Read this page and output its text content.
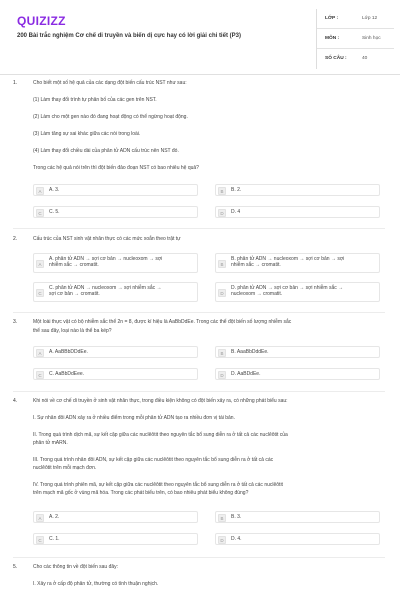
QUIZIZZ
200 Bài trắc nghiệm Cơ chế di truyền và biến dị cực hay có lời giải chi tiết (P3)
LỚP :	Lớp 12
MÔN :	Sinh học
SỐ CÂU :	40
1.	Cho biết một số hệ quả của các dạng đột biến cấu trúc NST như sau:
(1) Làm thay đổi trình tự phân bố của các gen trên NST.
(2) Làm cho một gen nào đó đang hoạt động có thể ngừng hoạt động.
(3) Làm tăng sự sai khác giữa các nòi trong loài.
(4) Làm thay đổi chiều dài của phân tử ADN cấu trúc nên NST đó.
Trong các hệ quả nói trên thì đột biến đảo đoạn NST có bao nhiêu hệ quả?
A	A. 3.	B	B. 2.
C	C. 5.	D	D. 4
2.	Cấu trúc của NST sinh vật nhân thực có các mức xoắn theo trật tự
A
A. phân tử ADN → sợi cơ bản → nucleoxom → sợi
nhiễm sắc → cromatit.	B
B. phân tử ADN → nucleoxom → sợi cơ bản → sợi
nhiễm sắc → cromatit.
C
C. phân tử ADN → nucleoxom → sợi nhiễm sắc →
sợi cơ bản → cromatit.	D
D. phân tử ADN → sợi cơ bản → sợi nhiễm sắc →
nucleoxom → cromatit.
3.	Một loài thực vật có bộ nhiễm sắc thể 2n = 8, được kí hiệu là AaBbDdEe. Trong các thể đột biến số lượng nhiễm sắc
thể sau đây, loại nào là thể ba kép?
A	A. AaBBbDDdEe.	B	B. AaaBbDddEe.
C	C. AaBbDdEee.	D	D. AaBDdEe.
4.	Khi nói về cơ chế di truyền ở sinh vật nhân thực, trong điều kiện không có đột biến xảy ra, có những phát biểu sau:
I. Sự nhân đôi ADN xảy ra ở nhiều điểm trong mỗi phân tử ADN tạo ra nhiều đơn vị tái bản.
II. Trong quá trình dịch mã, sự kết cặp giữa các nuclêôtit theo nguyên tắc bổ sung diễn ra ở tất cả các nuclêôtit của
phân tử mARN.
III. Trong quá trình nhân đôi ADN, sự kết cặp giữa các nuclêôtit theo nguyên tắc bổ sung diễn ra ở tất cả các
nuclêôtit trên mỗi mạch đơn.
IV. Trong quá trình phiên mã, sự kết cặp giữa các nuclêôtit theo nguyên tắc bổ sung diễn ra ở tất cả các nuclêôtit
trên mạch mã gốc ở vùng mã hóa. Trong các phát biểu trên, có bao nhiêu phát biểu không đúng?
A	A. 2.	B	B. 3.
C	C. 1.	D	D. 4.
5.	Cho các thông tin về đột biến sau đây:
I. Xảy ra ở cấp độ phân tử, thường có tính thuận nghịch.
